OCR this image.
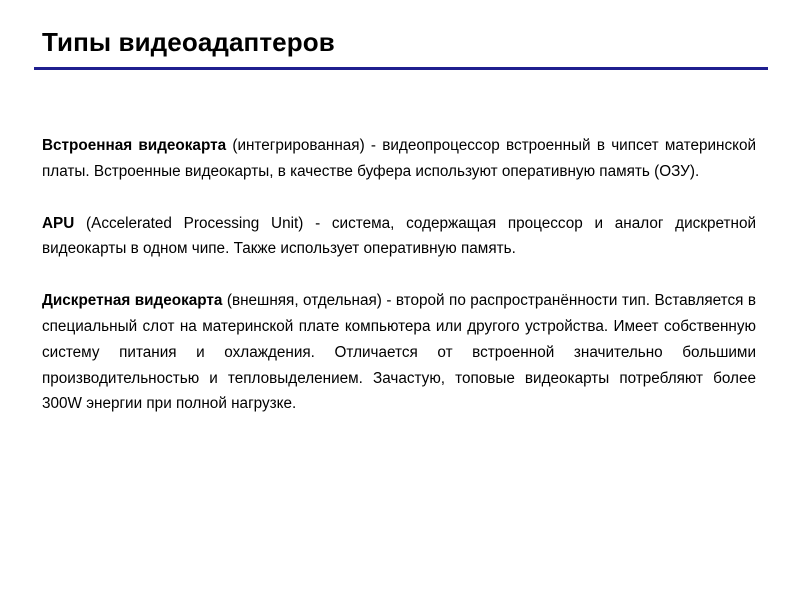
Типы видеоадаптеров

Встроенная видеокарта (интегрированная) - видеопроцессор встроенный в чипсет материнской платы. Встроенные видеокарты, в качестве буфера используют оперативную память (ОЗУ).

APU (Accelerated Processing Unit) - система, содержащая процессор и аналог дискретной видеокарты в одном чипе. Также использует оперативную память.

Дискретная видеокарта (внешняя, отдельная) - второй по распространённости тип. Вставляется в специальный слот на материнской плате компьютера или другого устройства. Имеет собственную систему питания и охлаждения. Отличается от встроенной значительно большими производительностью и тепловыделением. Зачастую, топовые видеокарты потребляют более 300W энергии при полной нагрузке.
